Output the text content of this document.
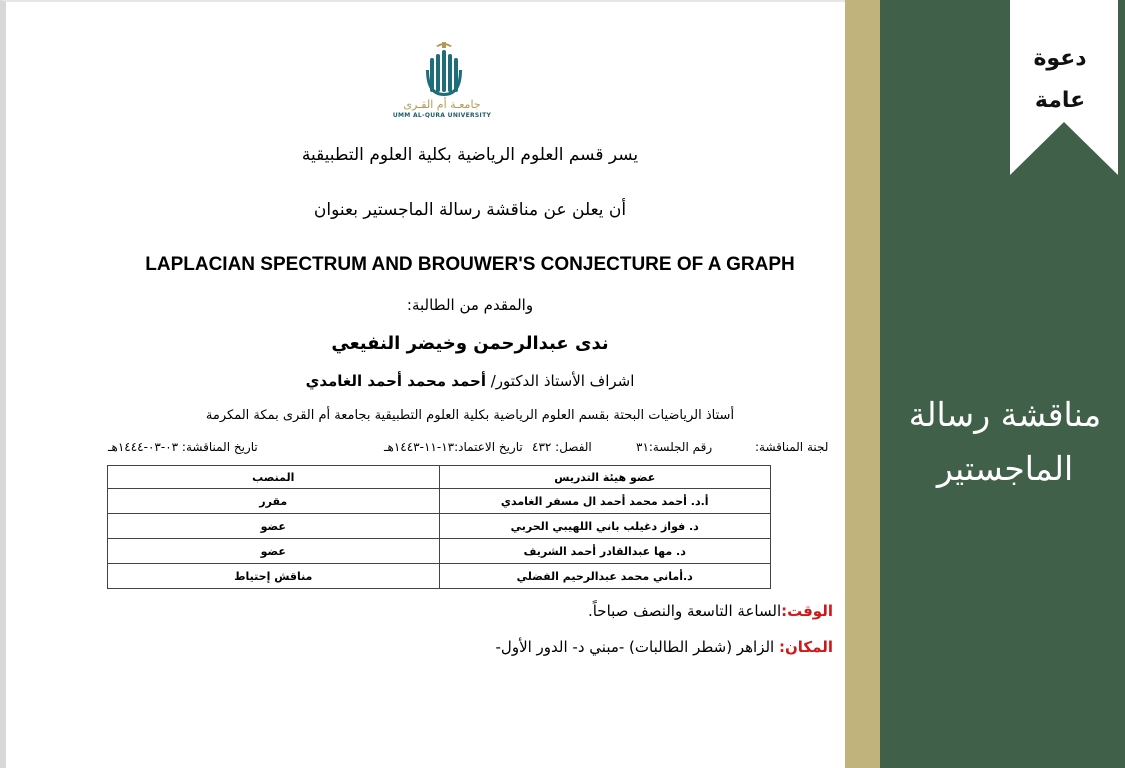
دعوة
عامة
مناقشة رسالة
الماجستير
جامعـة أم القـرى
UMM AL-QURA UNIVERSITY
يسر قسم العلوم الرياضية بكلية العلوم التطبيقية
أن يعلن عن مناقشة رسالة الماجستير بعنوان
LAPLACIAN SPECTRUM AND BROUWER'S CONJECTURE OF A GRAPH
والمقدم من الطالبة:
ندى عبدالرحمن وخيضر النفيعي
اشراف الأستاذ الدكتور/ أحمد محمد أحمد الغامدي
أستاذ الرياضيات البحتة بقسم العلوم الرياضية بكلية العلوم التطبيقية بجامعة أم القرى بمكة المكرمة
لجنة المناقشة:
رقم الجلسة:٣١
الفصل: ٤٣٢
تاريخ الاعتماد:١٣-١١-١٤٤٣هـ
تاريخ المناقشة: ٠٣-٠٣-١٤٤٤هـ
عضو هيئة التدريس	المنصب
أ.د. أحمد محمد أحمد ال مسفر الغامدي	مقرر
د. فواز دغيلب باني اللهيبي الحربي	عضو
د. مها عبدالقادر أحمد الشريف	عضو
د.أماني محمد عبدالرحيم الفضلي	مناقش إحتياط
الوقت:الساعة التاسعة والنصف صباحاً.
المكان: الزاهر (شطر الطالبات) -مبني د- الدور الأول-
